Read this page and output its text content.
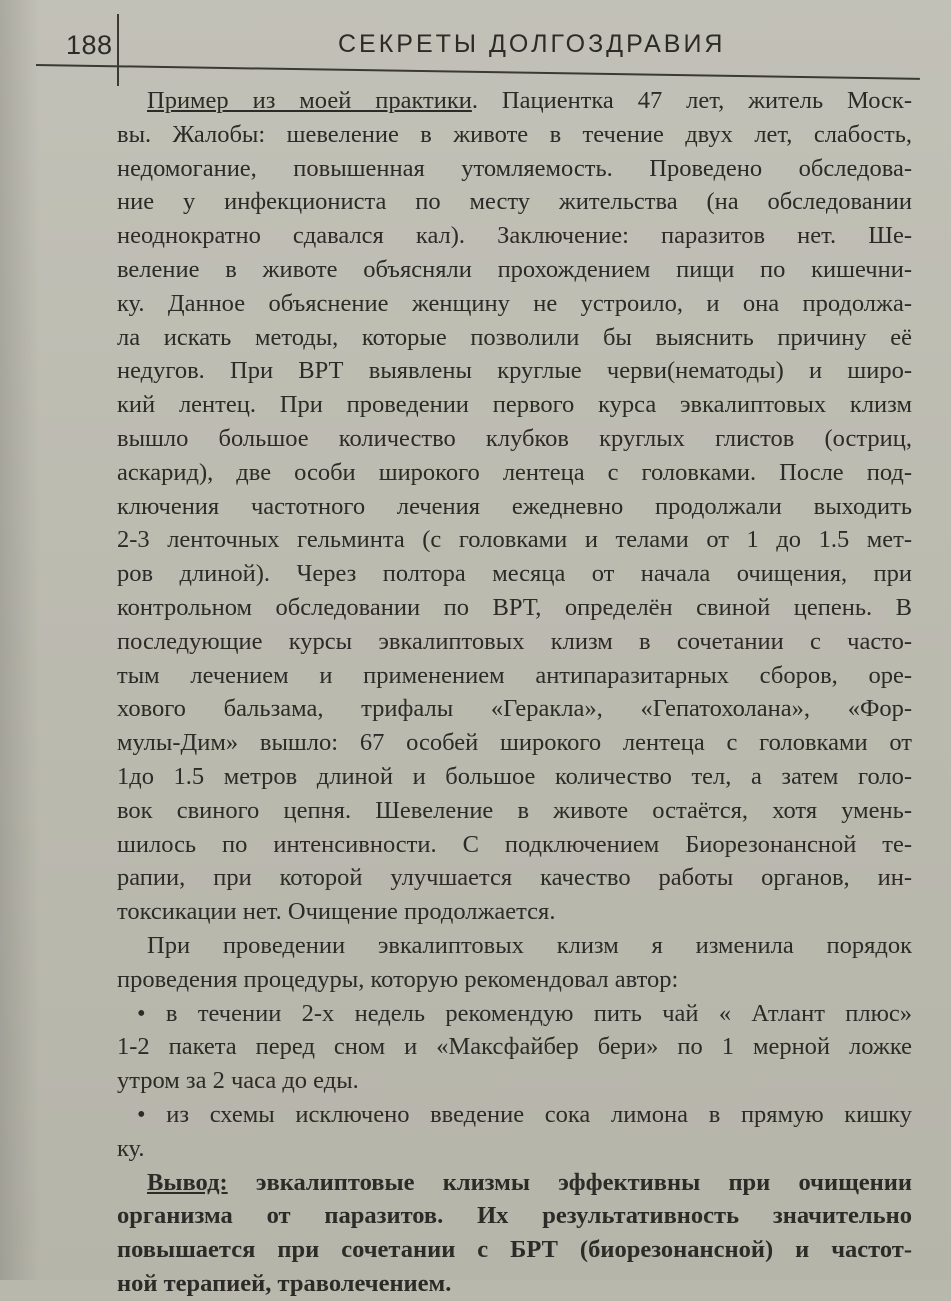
188	СЕКРЕТЫ ДОЛГОЗДРАВИЯ
Пример из моей практики. Пациентка 47 лет, житель Моск-
вы. Жалобы: шевеление в животе в течение двух лет, слабость,
недомогание, повышенная утомляемость. Проведено обследова-
ние у инфекциониста по месту жительства (на обследовании
неоднократно сдавался кал). Заключение: паразитов нет. Ше-
веление в животе объясняли прохождением пищи по кишечни-
ку. Данное объяснение женщину не устроило, и она продолжа-
ла искать методы, которые позволили бы выяснить причину её
недугов. При ВРТ выявлены круглые черви(нематоды) и широ-
кий лентец. При проведении первого курса эвкалиптовых клизм
вышло большое количество клубков круглых глистов (остриц,
аскарид), две особи широкого лентеца с головками. После под-
ключения частотного лечения ежедневно продолжали выходить
2-3 ленточных гельминта (с головками и телами от 1 до 1.5 мет-
ров длиной). Через полтора месяца от начала очищения, при
контрольном обследовании по ВРТ, определён свиной цепень. В
последующие курсы эвкалиптовых клизм в сочетании с часто-
тым лечением и применением антипаразитарных сборов, оре-
хового бальзама, трифалы «Геракла», «Гепатохолана», «Фор-
мулы-Дим» вышло: 67 особей широкого лентеца с головками от
1до 1.5 метров длиной и большое количество тел, а затем голо-
вок свиного цепня. Шевеление в животе остаётся, хотя умень-
шилось по интенсивности. С подключением Биорезонансной те-
рапии, при которой улучшается качество работы органов, ин-
токсикации нет. Очищение продолжается.
При проведении эвкалиптовых клизм я изменила порядок
проведения процедуры, которую рекомендовал автор:
• в течении 2-х недель рекомендую пить чай « Атлант плюс»
1-2 пакета перед сном и «Максфайбер бери» по 1 мерной ложке
утром за 2 часа до еды.
• из схемы исключено введение сока лимона в прямую кишку
ку.
Вывод: эвкалиптовые клизмы эффективны при очищении
организма от паразитов. Их результативность значительно
повышается при сочетании с БРТ (биорезонансной) и частот-
ной терапией, траволечением.
